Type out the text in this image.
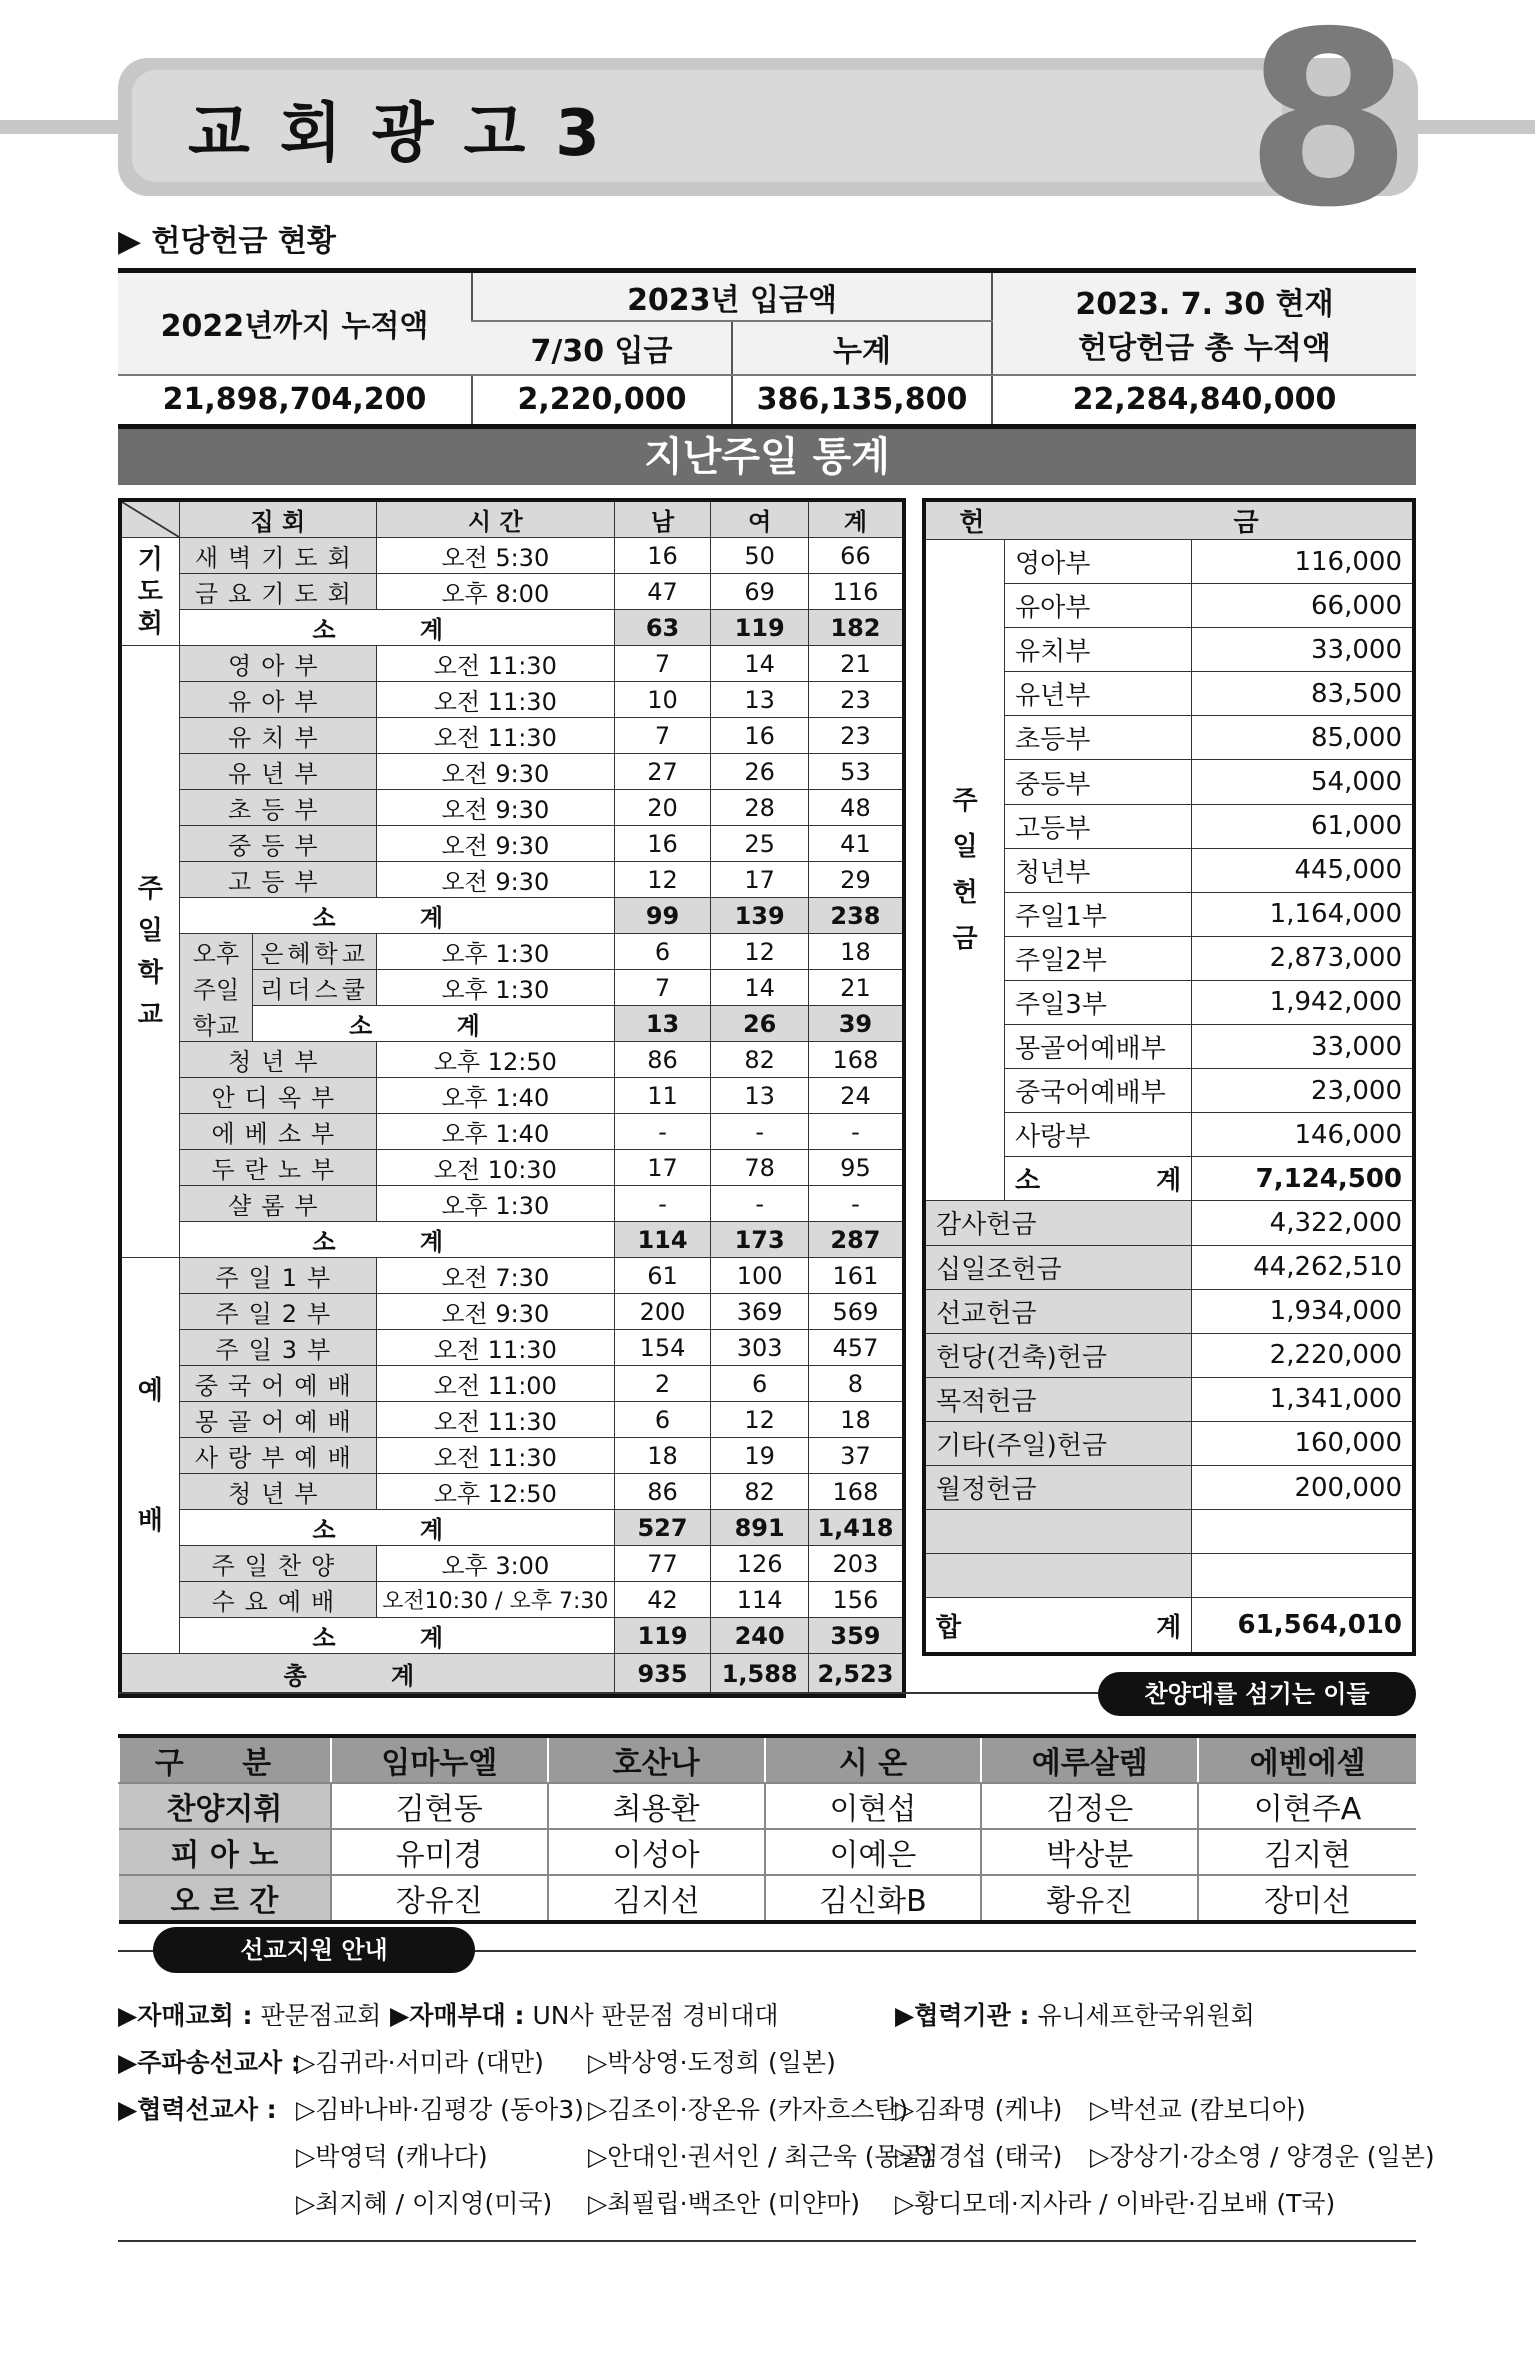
교회광고3	8
▶ 헌당헌금 현황
2022년까지 누적액	2023년 입금액		2023. 7. 30 현재
헌당헌금 총 누적액

	7/30 입금	누계	
21,898,704,200	2,220,000	386,135,800	22,284,840,000
지난주일 통계
	집 회		시 간	남	여	계

기도회	새벽기도회		오전 5:30	16	50	66
	금요기도회		오후 8:00	47	69	116
	소 계			63	119	182

주일학교	영아부		오전 11:30	7	14	21
	유아부		오전 11:30	10	13	23
	유치부		오전 11:30	7	16	23
	유년부		오전 9:30	27	26	53
	초등부		오전 9:30	20	28	48
	중등부		오전 9:30	16	25	41
	고등부		오전 9:30	12	17	29
	소 계			99	139	238
	오후	은혜학교	오후 1:30	6	12	18
	주일	리더스쿨	오후 1:30	7	14	21
	학교	소 계		13	26	39
	청년부		오후 12:50	86	82	168
	안디옥부		오후 1:40	11	13	24
	에베소부		오후 1:40	-	-	-
	두란노부		오전 10:30	17	78	95
	샬롬부		오후 1:30	-	-	-
	소 계			114	173	287

예배	주일1부		오전 7:30	61	100	161
	주일2부		오전 9:30	200	369	569
	주일3부		오전 11:30	154	303	457
	중국어예배		오전 11:00	2	6	8
	몽골어예배		오전 11:30	6	12	18
	사랑부예배		오전 11:30	18	19	37
	청년부		오후 12:50	86	82	168
	소 계			527	891	1,418
	주일찬양		오후 3:00	77	126	203
	수요예배		오전10:30 / 오후 7:30	42	114	156
	소 계			119	240	359
총 계				935	1,588	2,523
헌 금		

주일헌금	영아부	116,000
	유아부	66,000
	유치부	33,000
	유년부	83,500
	초등부	85,000
	중등부	54,000
	고등부	61,000
	청년부	445,000
	주일1부	1,164,000
	주일2부	2,873,000
	주일3부	1,942,000
	몽골어예배부	33,000
	중국어예배부	23,000
	사랑부	146,000
	소 계	7,124,500
감사헌금		4,322,000
십일조헌금		44,262,510
선교헌금		1,934,000
헌당(건축)헌금		2,220,000
목적헌금		1,341,000
기타(주일)헌금		160,000
월정헌금		200,000

합 계		61,564,010
찬양대를 섬기는 이들
구 분	임마누엘	호산나	시 온	예루살렘	에벤에셀
찬양지휘	김현동	최용환	이현섭	김정은	이현주A
피 아 노	유미경	이성아	이예은	박상분	김지현
오 르 간	장유진	김지선	김신화B	황유진	장미선
선교지원 안내
▶자매교회 : 판문점교회 ▶자매부대 : UN사 판문점 경비대대	▶협력기관 : 유니세프한국위원회
▶주파송선교사 :
▷김귀라·서미라 (대만) ▷박상영·도정희 (일본)
▶협력선교사 : ▷김바나바·김평강 (동아3) ▷김조이·장온유 (카자흐스탄)
▷김좌명 (케냐) ▷박선교 (캄보디아)
▷박영덕 (캐나다)	▷안대인·권서인 / 최근욱 (몽골)
▷엄경섭 (태국) ▷장상기·강소영 / 양경운 (일본)
▷최지혜 / 이지영(미국) ▷최필립·백조안 (미얀마) ▷황디모데·지사라 / 이바란·김보배 (T국)
